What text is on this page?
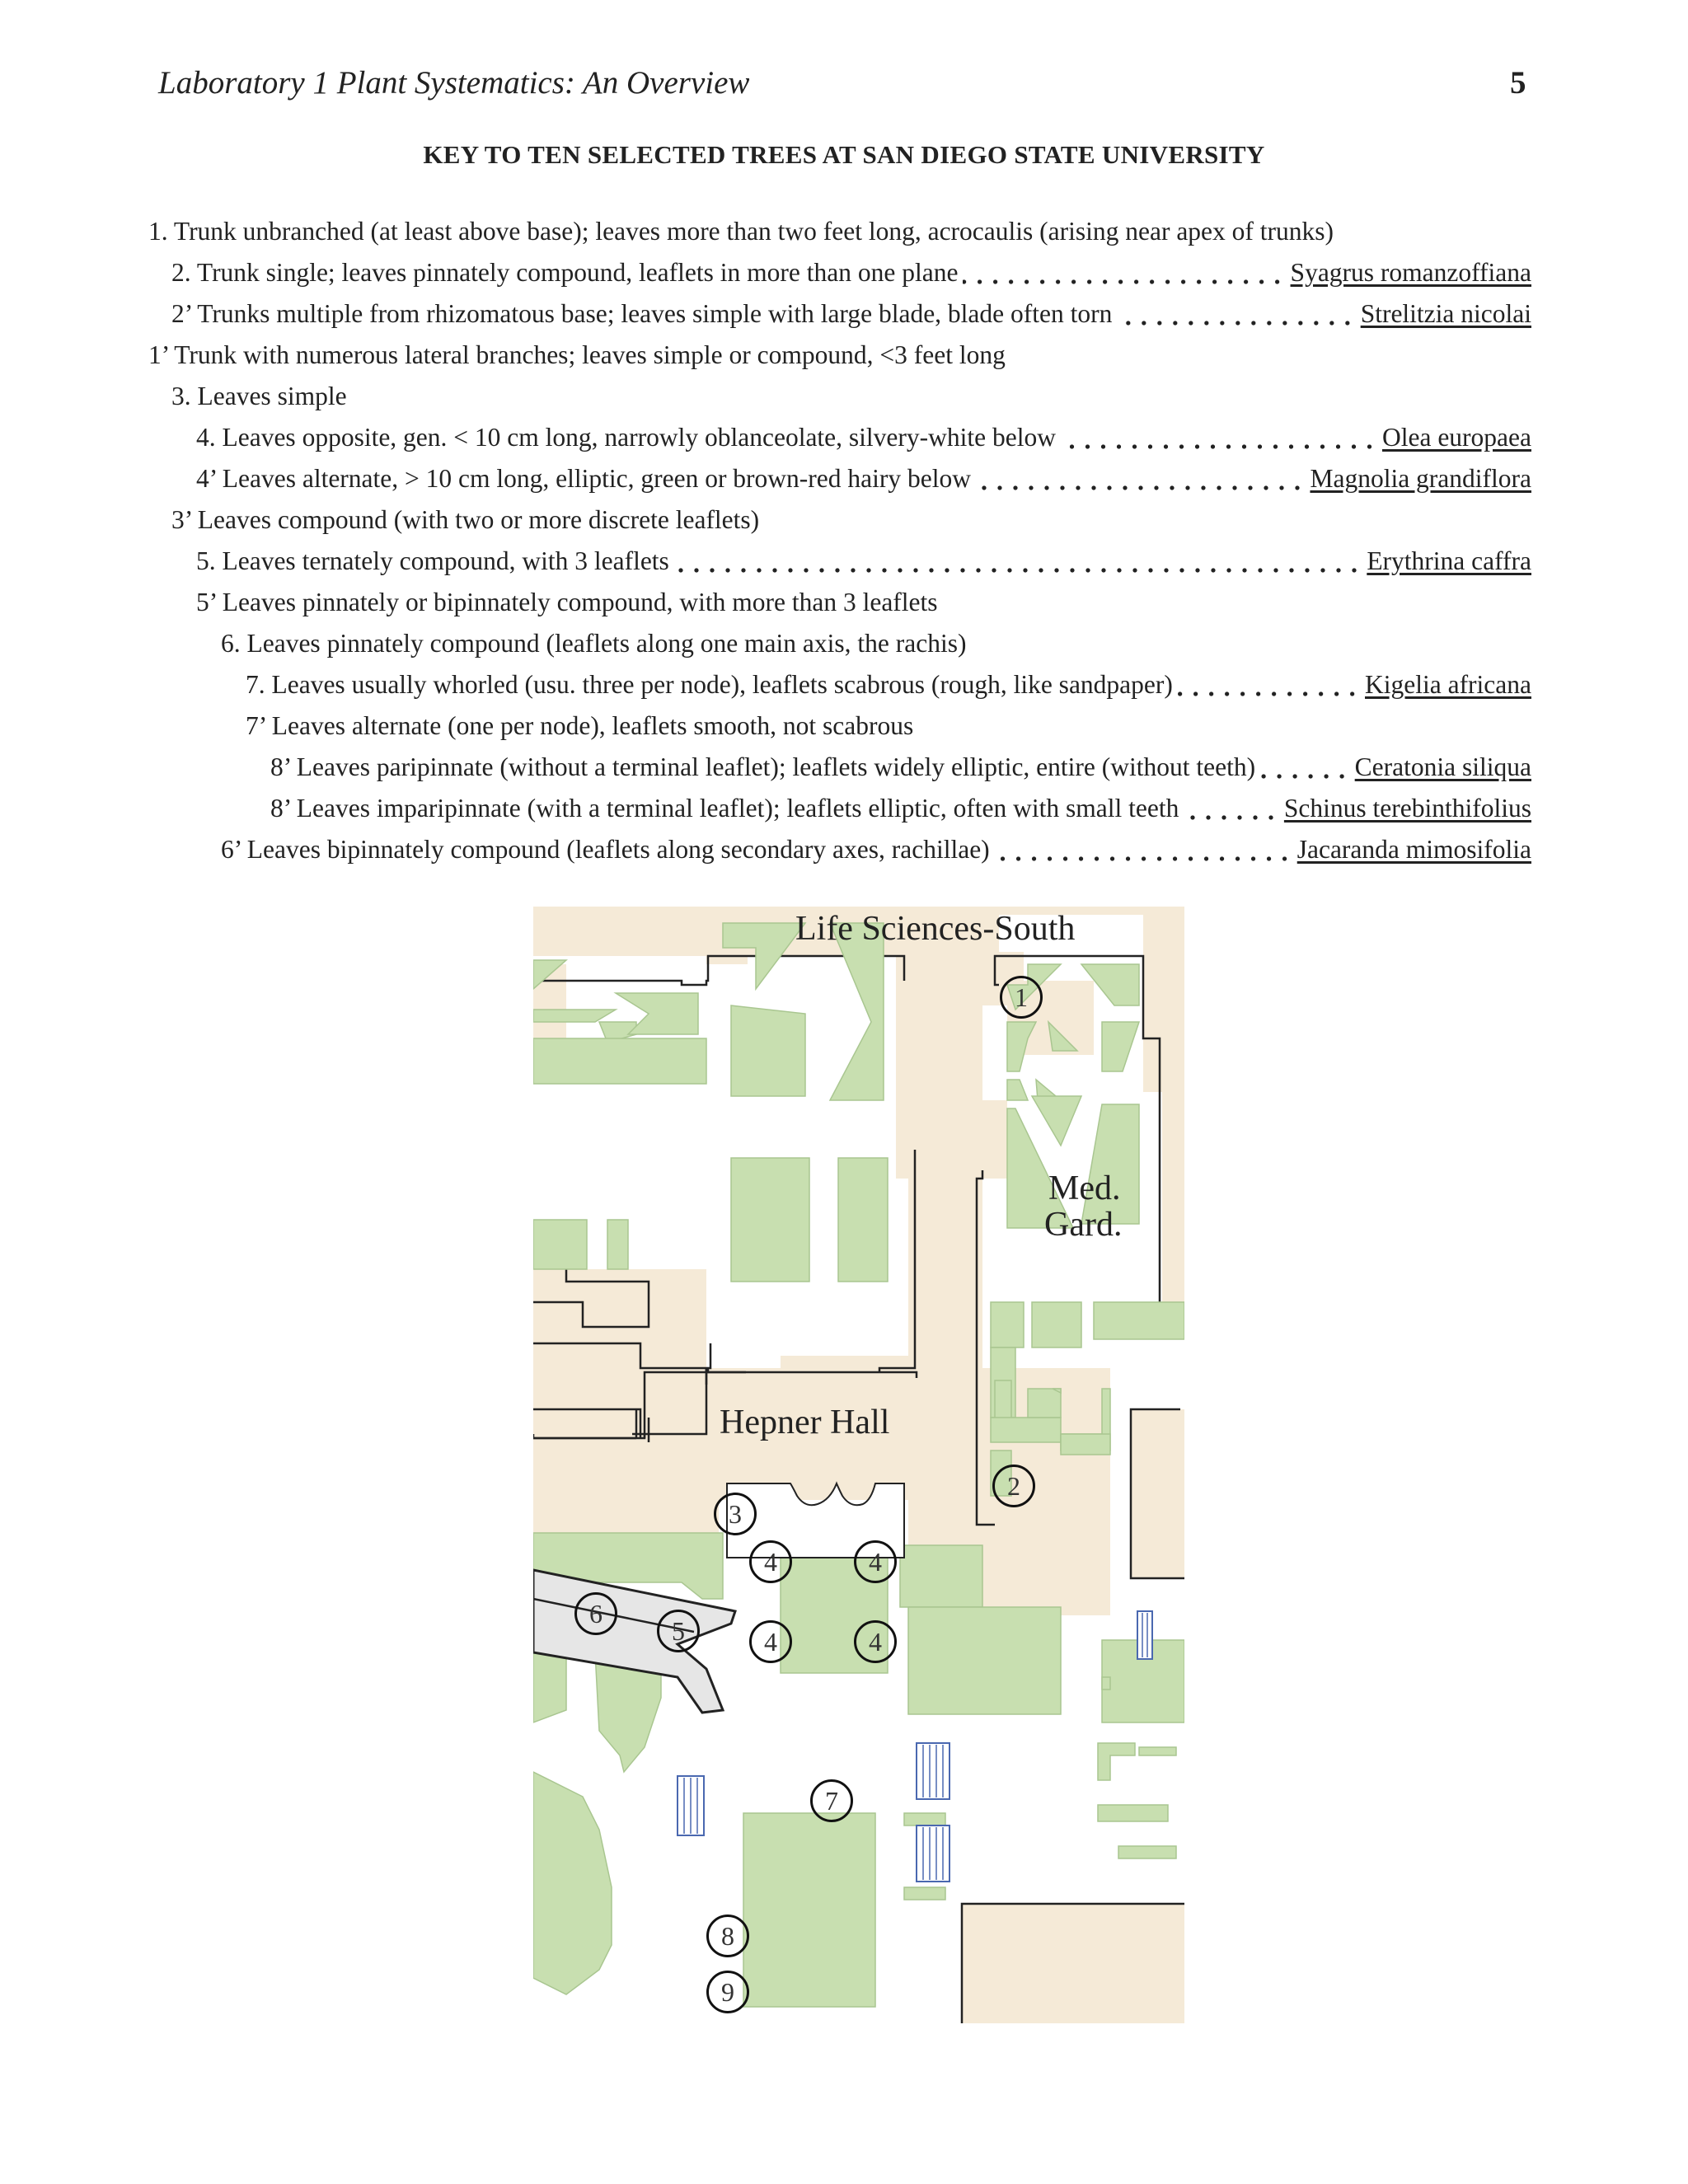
Laboratory 1 Plant Systematics: An Overview	5
KEY TO TEN SELECTED TREES AT SAN DIEGO STATE UNIVERSITY
1. Trunk unbranched (at least above base); leaves more than two feet long, acrocaulis (arising near apex of trunks)
2. Trunk single; leaves pinnately compound, leaflets in more than one plane	Syagrus romanzoffiana
2’ Trunks multiple from rhizomatous base; leaves simple with large blade, blade often torn	Strelitzia nicolai
1’ Trunk with numerous lateral branches; leaves simple or compound, <3 feet long
3. Leaves simple
4. Leaves opposite, gen. < 10 cm long, narrowly oblanceolate, silvery-white below	Olea europaea
4’ Leaves alternate, > 10 cm long, elliptic, green or brown-red hairy below	Magnolia grandiflora
3’ Leaves compound (with two or more discrete leaflets)
5. Leaves ternately compound, with 3 leaflets	Erythrina caffra
5’ Leaves pinnately or bipinnately compound, with more than 3 leaflets
6. Leaves pinnately compound (leaflets along one main axis, the rachis)
7. Leaves usually whorled (usu. three per node), leaflets scabrous (rough, like sandpaper)	Kigelia africana
7’ Leaves alternate (one per node), leaflets smooth, not scabrous
8’ Leaves paripinnate (without a terminal leaflet); leaflets widely elliptic, entire (without teeth)	Ceratonia siliqua
8’ Leaves imparipinnate (with a terminal leaflet); leaflets elliptic, often with small teeth	Schinus terebinthifolius
6’ Leaves bipinnately compound (leaflets along secondary axes, rachillae)	Jacaranda mimosifolia
Life Sciences-South
Med.
Gard.
Hepner Hall
1
2
3
4	4
4	4
5
6
7
8
9
